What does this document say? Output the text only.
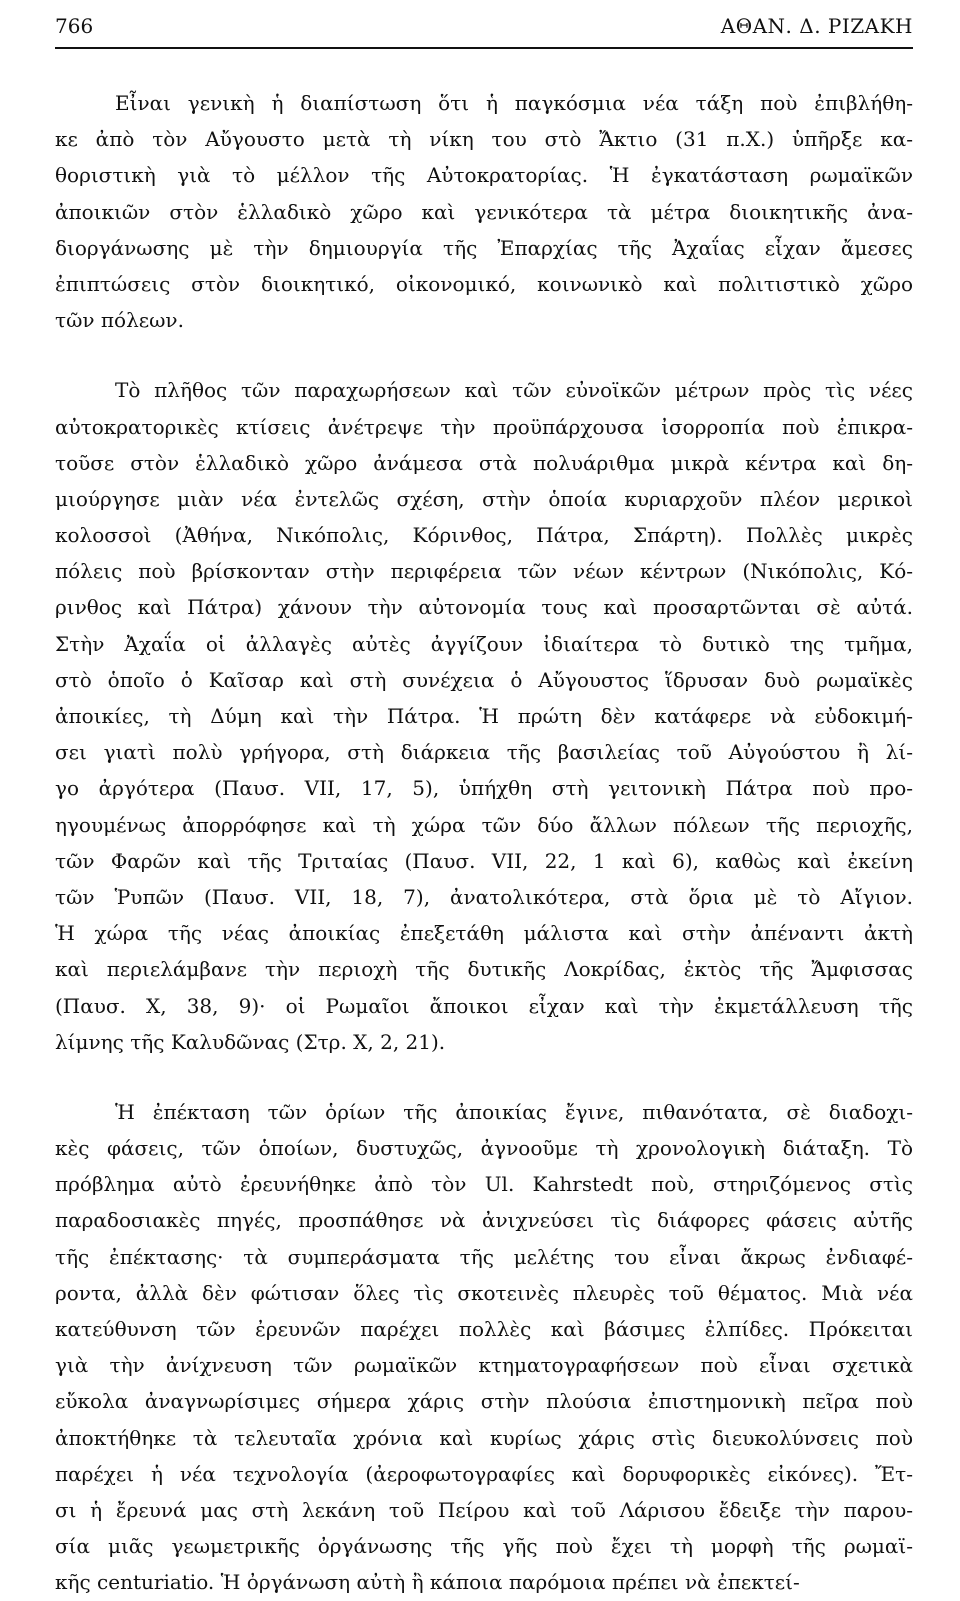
766	ΑΘΑΝ. Δ. ΡΙΖΑΚΗ
Εἶναι γενικὴ ἡ διαπίστωση ὅτι ἡ παγκόσμια νέα τάξη ποὺ ἐπιβλήθη-
κε ἀπὸ τὸν Αὔγουστο μετὰ τὴ νίκη του στὸ Ἄκτιο (31 π.Χ.) ὑπῆρξε κα-
θοριστικὴ γιὰ τὸ μέλλον τῆς Αὐτοκρατορίας. Ἡ ἐγκατάσταση ρωμαϊκῶν
ἀποικιῶν στὸν ἑλλαδικὸ χῶρο καὶ γενικότερα τὰ μέτρα διοικητικῆς ἀνα-
διοργάνωσης μὲ τὴν δημιουργία τῆς Ἐπαρχίας τῆς Ἀχαΐας εἶχαν ἄμεσες
ἐπιπτώσεις στὸν διοικητικό, οἰκονομικό, κοινωνικὸ καὶ πολιτιστικὸ χῶρο
τῶν πόλεων.
Τὸ πλῆθος τῶν παραχωρήσεων καὶ τῶν εὐνοϊκῶν μέτρων πρὸς τὶς νέες
αὐτοκρατορικὲς κτίσεις ἀνέτρεψε τὴν προϋπάρχουσα ἰσορροπία ποὺ ἐπικρα-
τοῦσε στὸν ἑλλαδικὸ χῶρο ἀνάμεσα στὰ πολυάριθμα μικρὰ κέντρα καὶ δη-
μιούργησε μιὰν νέα ἐντελῶς σχέση, στὴν ὁποία κυριαρχοῦν πλέον μερικοὶ
κολοσσοὶ (Ἀθήνα, Νικόπολις, Κόρινθος, Πάτρα, Σπάρτη). Πολλὲς μικρὲς
πόλεις ποὺ βρίσκονταν στὴν περιφέρεια τῶν νέων κέντρων (Νικόπολις, Κό-
ρινθος καὶ Πάτρα) χάνουν τὴν αὐτονομία τους καὶ προσαρτῶνται σὲ αὐτά.
Στὴν Ἀχαΐα οἱ ἀλλαγὲς αὐτὲς ἀγγίζουν ἰδιαίτερα τὸ δυτικὸ της τμῆμα,
στὸ ὁποῖο ὁ Καῖσαρ καὶ στὴ συνέχεια ὁ Αὔγουστος ἵδρυσαν δυὸ ρωμαϊκὲς
ἀποικίες, τὴ Δύμη καὶ τὴν Πάτρα. Ἡ πρώτη δὲν κατάφερε νὰ εὐδοκιμή-
σει γιατὶ πολὺ γρήγορα, στὴ διάρκεια τῆς βασιλείας τοῦ Αὐγούστου ἢ λί-
γο ἀργότερα (Παυσ. VII, 17, 5), ὑπήχθη στὴ γειτονικὴ Πάτρα ποὺ προ-
ηγουμένως ἀπορρόφησε καὶ τὴ χώρα τῶν δύο ἄλλων πόλεων τῆς περιοχῆς,
τῶν Φαρῶν καὶ τῆς Τριταίας (Παυσ. VII, 22, 1 καὶ 6), καθὼς καὶ ἐκείνη
τῶν Ῥυπῶν (Παυσ. VII, 18, 7), ἀνατολικότερα, στὰ ὅρια μὲ τὸ Αἴγιον.
Ἡ χώρα τῆς νέας ἀποικίας ἐπεξετάθη μάλιστα καὶ στὴν ἀπέναντι ἀκτὴ
καὶ περιελάμβανε τὴν περιοχὴ τῆς δυτικῆς Λοκρίδας, ἐκτὸς τῆς Ἄμφισσας
(Παυσ. Χ, 38, 9)· οἱ Ρωμαῖοι ἄποικοι εἶχαν καὶ τὴν ἐκμετάλλευση τῆς
λίμνης τῆς Καλυδῶνας (Στρ. Χ, 2, 21).
Ἡ ἐπέκταση τῶν ὁρίων τῆς ἀποικίας ἔγινε, πιθανότατα, σὲ διαδοχι-
κὲς φάσεις, τῶν ὁποίων, δυστυχῶς, ἀγνοοῦμε τὴ χρονολογικὴ διάταξη. Τὸ
πρόβλημα αὐτὸ ἐρευνήθηκε ἀπὸ τὸν Ul. Kahrstedt ποὺ, στηριζόμενος στὶς
παραδοσιακὲς πηγές, προσπάθησε νὰ ἀνιχνεύσει τὶς διάφορες φάσεις αὐτῆς
τῆς ἐπέκτασης· τὰ συμπεράσματα τῆς μελέτης του εἶναι ἄκρως ἐνδιαφέ-
ροντα, ἀλλὰ δὲν φώτισαν ὅλες τὶς σκοτεινὲς πλευρὲς τοῦ θέματος. Μιὰ νέα
κατεύθυνση τῶν ἐρευνῶν παρέχει πολλὲς καὶ βάσιμες ἐλπίδες. Πρόκειται
γιὰ τὴν ἀνίχνευση τῶν ρωμαϊκῶν κτηματογραφήσεων ποὺ εἶναι σχετικὰ
εὔκολα ἀναγνωρίσιμες σήμερα χάρις στὴν πλούσια ἐπιστημονικὴ πεῖρα ποὺ
ἀποκτήθηκε τὰ τελευταῖα χρόνια καὶ κυρίως χάρις στὶς διευκολύνσεις ποὺ
παρέχει ἡ νέα τεχνολογία (ἀεροφωτογραφίες καὶ δορυφορικὲς εἰκόνες). Ἔτ-
σι ἡ ἔρευνά μας στὴ λεκάνη τοῦ Πείρου καὶ τοῦ Λάρισου ἔδειξε τὴν παρου-
σία μιᾶς γεωμετρικῆς ὀργάνωσης τῆς γῆς ποὺ ἔχει τὴ μορφὴ τῆς ρωμαϊ-
κῆς centuriatio. Ἡ ὀργάνωση αὐτὴ ἢ κάποια παρόμοια πρέπει νὰ ἐπεκτεί-
